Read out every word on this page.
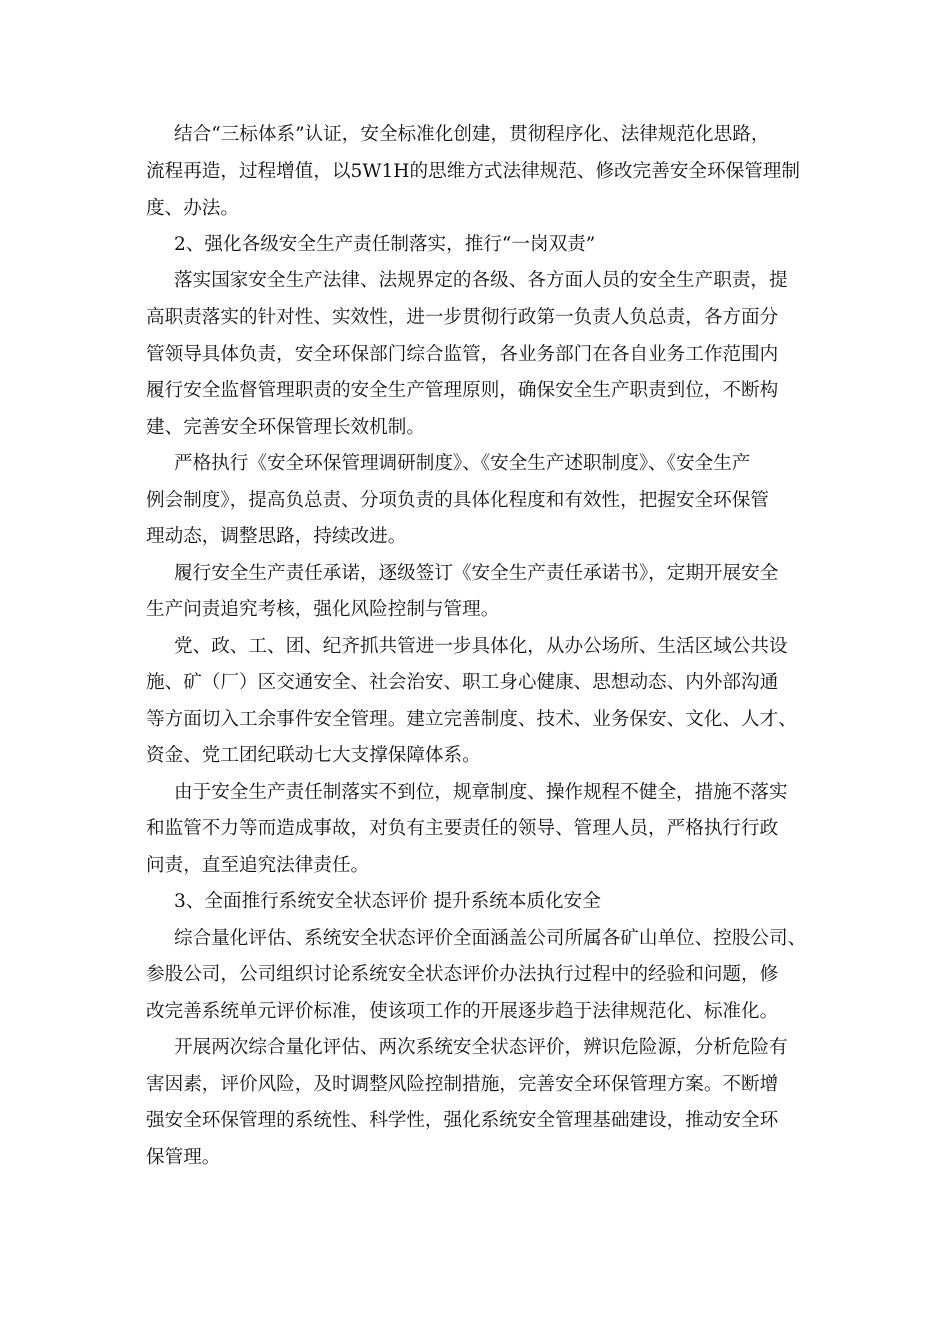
结合“三标体系”认证，安全标准化创建，贯彻程序化、法律规范化思路，
流程再造，过程增值，以5W1H的思维方式法律规范、修改完善安全环保管理制
度、办法。
2、强化各级安全生产责任制落实，推行“一岗双责”
落实国家安全生产法律、法规界定的各级、各方面人员的安全生产职责，提
高职责落实的针对性、实效性，进一步贯彻行政第一负责人负总责，各方面分
管领导具体负责，安全环保部门综合监管，各业务部门在各自业务工作范围内
履行安全监督管理职责的安全生产管理原则，确保安全生产职责到位，不断构
建、完善安全环保管理长效机制。
严格执行《安全环保管理调研制度》、《安全生产述职制度》、《安全生产
例会制度》，提高负总责、分项负责的具体化程度和有效性，把握安全环保管
理动态，调整思路，持续改进。
履行安全生产责任承诺，逐级签订《安全生产责任承诺书》，定期开展安全
生产问责追究考核，强化风险控制与管理。
党、政、工、团、纪齐抓共管进一步具体化，从办公场所、生活区域公共设
施、矿（厂）区交通安全、社会治安、职工身心健康、思想动态、内外部沟通
等方面切入工余事件安全管理。建立完善制度、技术、业务保安、文化、人才、
资金、党工团纪联动七大支撑保障体系。
由于安全生产责任制落实不到位，规章制度、操作规程不健全，措施不落实
和监管不力等而造成事故，对负有主要责任的领导、管理人员，严格执行行政
问责，直至追究法律责任。
3、全面推行系统安全状态评价 提升系统本质化安全
综合量化评估、系统安全状态评价全面涵盖公司所属各矿山单位、控股公司、
参股公司，公司组织讨论系统安全状态评价办法执行过程中的经验和问题，修
改完善系统单元评价标准，使该项工作的开展逐步趋于法律规范化、标准化。
开展两次综合量化评估、两次系统安全状态评价，辨识危险源，分析危险有
害因素，评价风险，及时调整风险控制措施，完善安全环保管理方案。不断增
强安全环保管理的系统性、科学性，强化系统安全管理基础建设，推动安全环
保管理。
